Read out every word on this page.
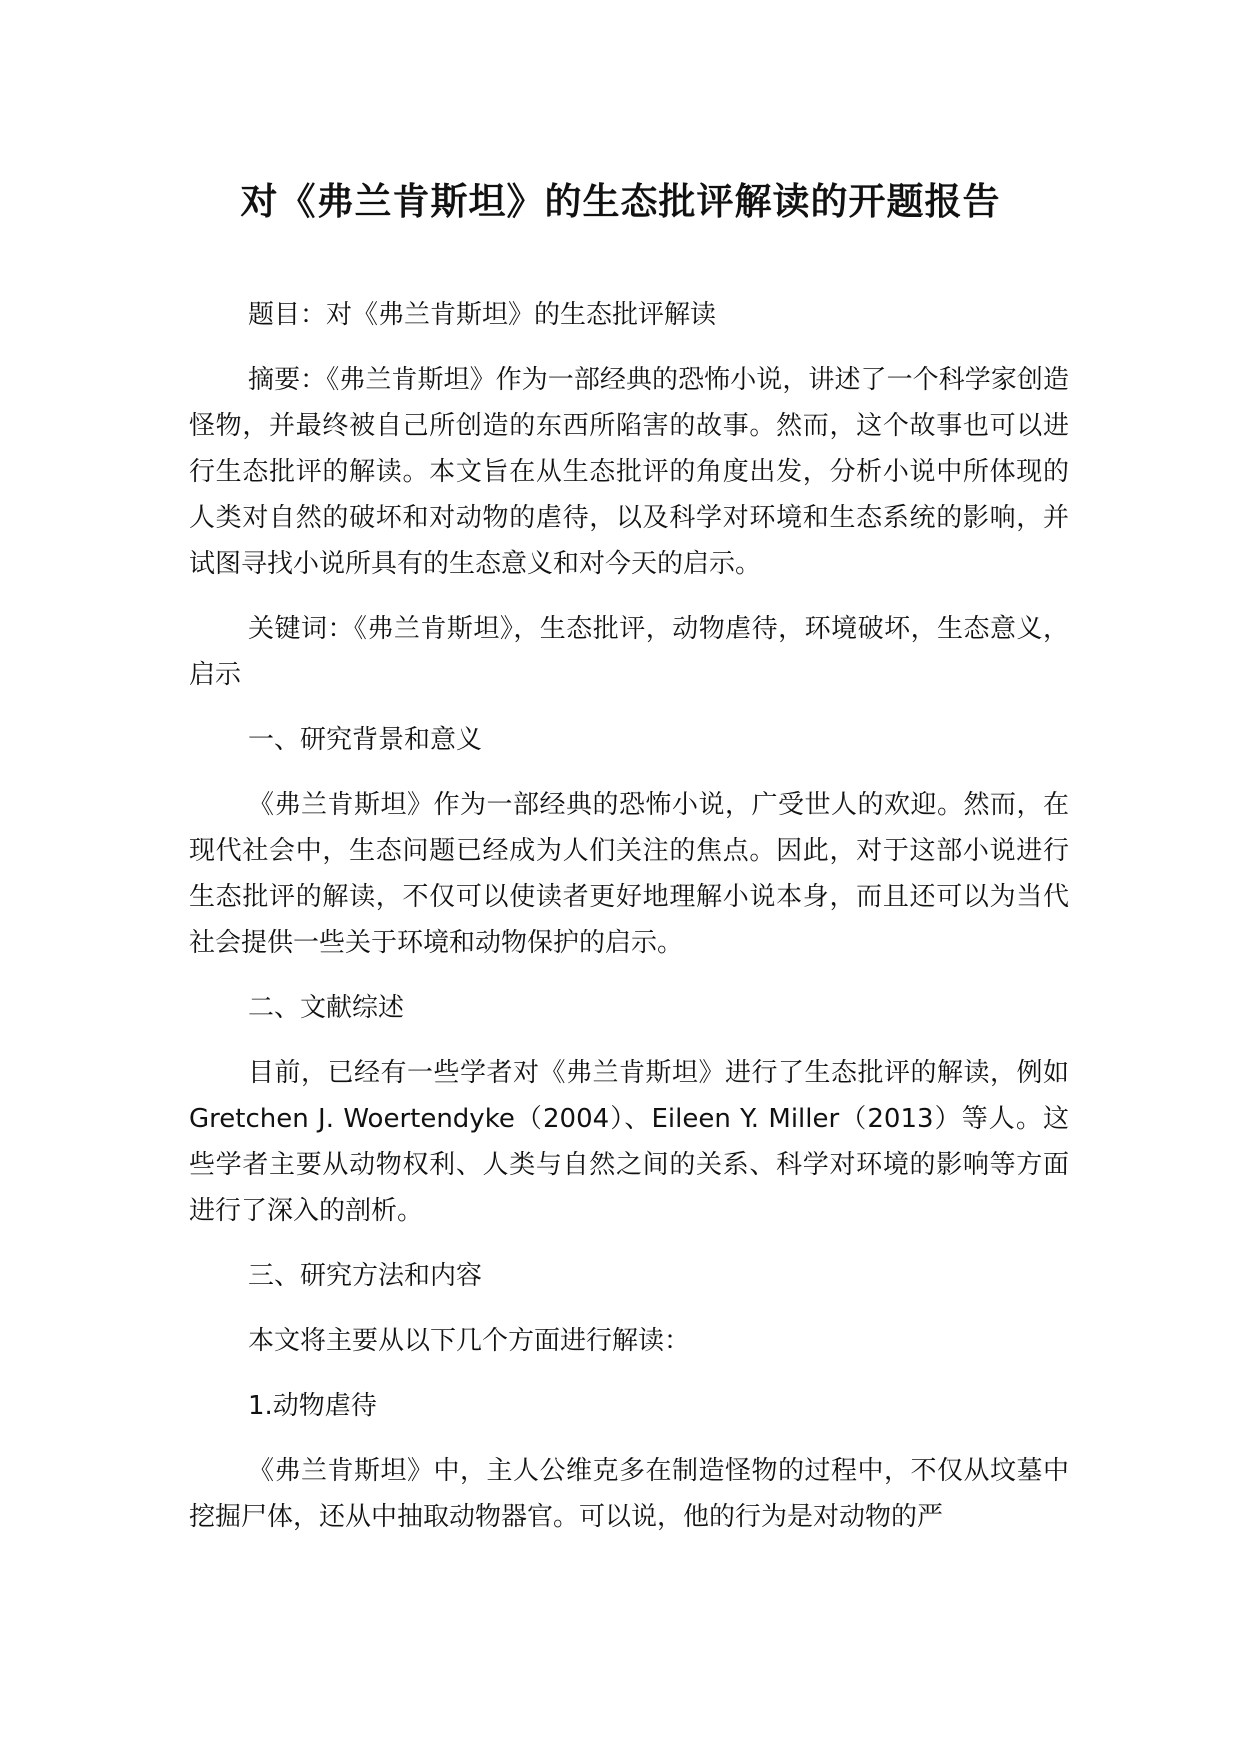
对《弗兰肯斯坦》的生态批评解读的开题报告

题目：对《弗兰肯斯坦》的生态批评解读

摘要：《弗兰肯斯坦》作为一部经典的恐怖小说，讲述了一个科学家创造怪物，并最终被自己所创造的东西所陷害的故事。然而，这个故事也可以进行生态批评的解读。本文旨在从生态批评的角度出发，分析小说中所体现的人类对自然的破坏和对动物的虐待，以及科学对环境和生态系统的影响，并试图寻找小说所具有的生态意义和对今天的启示。

关键词：《弗兰肯斯坦》，生态批评，动物虐待，环境破坏，生态意义，启示

一、研究背景和意义

《弗兰肯斯坦》作为一部经典的恐怖小说，广受世人的欢迎。然而，在现代社会中，生态问题已经成为人们关注的焦点。因此，对于这部小说进行生态批评的解读，不仅可以使读者更好地理解小说本身，而且还可以为当代社会提供一些关于环境和动物保护的启示。

二、文献综述

目前，已经有一些学者对《弗兰肯斯坦》进行了生态批评的解读，例如 Gretchen J. Woertendyke（2004）、Eileen Y. Miller（2013）等人。这些学者主要从动物权利、人类与自然之间的关系、科学对环境的影响等方面进行了深入的剖析。

三、研究方法和内容

本文将主要从以下几个方面进行解读：

1.动物虐待

《弗兰肯斯坦》中，主人公维克多在制造怪物的过程中，不仅从坟墓中挖掘尸体，还从中抽取动物器官。可以说，他的行为是对动物的严
